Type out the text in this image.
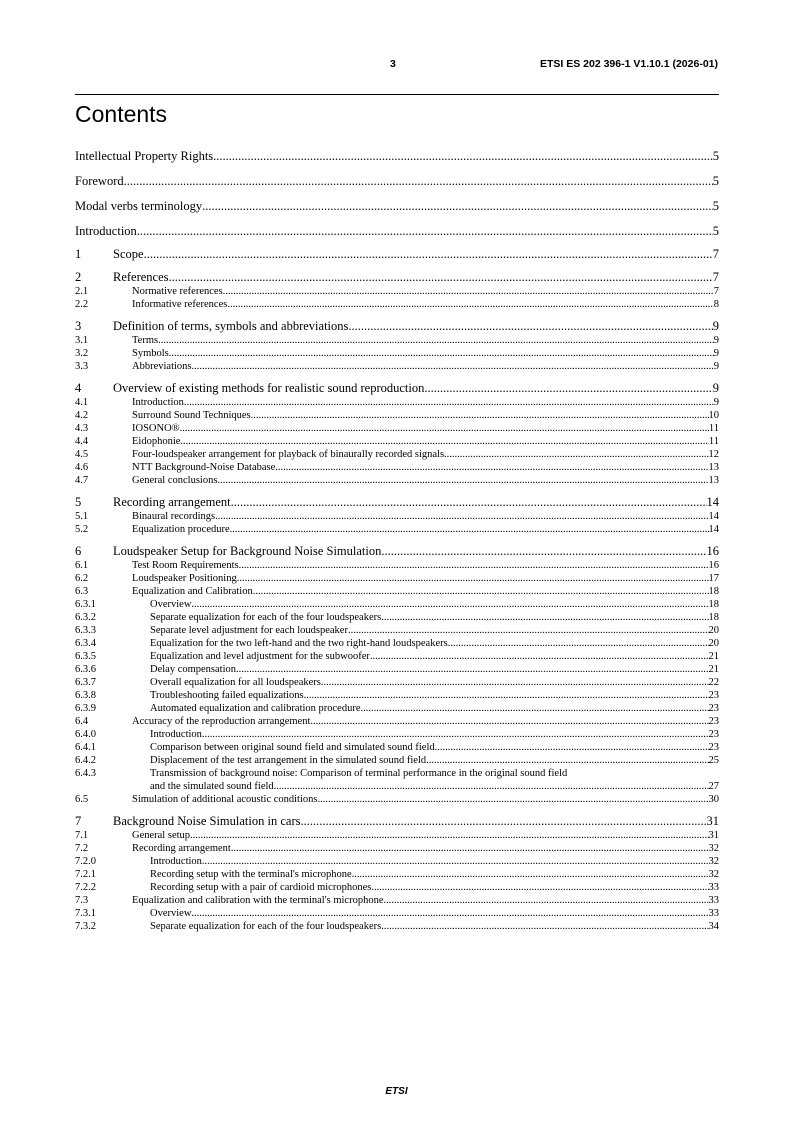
3	ETSI ES 202 396-1 V1.10.1 (2026-01)
Contents
Intellectual Property Rights .....	5
Foreword .....	5
Modal verbs terminology .....	5
Introduction .....	5
1	Scope .....	7
2	References .....	7
2.1	Normative references .....	7
2.2	Informative references .....	8
3	Definition of terms, symbols and abbreviations .....	9
3.1	Terms .....	9
3.2	Symbols .....	9
3.3	Abbreviations .....	9
4	Overview of existing methods for realistic sound reproduction .....	9
4.1	Introduction .....	9
4.2	Surround Sound Techniques .....	10
4.3	IOSONO® .....	11
4.4	Eidophonie .....	11
4.5	Four-loudspeaker arrangement for playback of binaurally recorded signals .....	12
4.6	NTT Background-Noise Database .....	13
4.7	General conclusions .....	13
5	Recording arrangement .....	14
5.1	Binaural recordings .....	14
5.2	Equalization procedure .....	14
6	Loudspeaker Setup for Background Noise Simulation .....	16
6.1	Test Room Requirements .....	16
6.2	Loudspeaker Positioning .....	17
6.3	Equalization and Calibration .....	18
6.3.1	Overview .....	18
6.3.2	Separate equalization for each of the four loudspeakers .....	18
6.3.3	Separate level adjustment for each loudspeaker .....	20
6.3.4	Equalization for the two left-hand and the two right-hand loudspeakers .....	20
6.3.5	Equalization and level adjustment for the subwoofer .....	21
6.3.6	Delay compensation .....	21
6.3.7	Overall equalization for all loudspeakers .....	22
6.3.8	Troubleshooting failed equalizations .....	23
6.3.9	Automated equalization and calibration procedure .....	23
6.4	Accuracy of the reproduction arrangement .....	23
6.4.0	Introduction .....	23
6.4.1	Comparison between original sound field and simulated sound field .....	23
6.4.2	Displacement of the test arrangement in the simulated sound field .....	25
6.4.3	Transmission of background noise: Comparison of terminal performance in the original sound field
and the simulated sound field .....	27
6.5	Simulation of additional acoustic conditions .....	30
7	Background Noise Simulation in cars .....	31
7.1	General setup .....	31
7.2	Recording arrangement .....	32
7.2.0	Introduction .....	32
7.2.1	Recording setup with the terminal's microphone .....	32
7.2.2	Recording setup with a pair of cardioid microphones .....	33
7.3	Equalization and calibration with the terminal's microphone .....	33
7.3.1	Overview .....	33
7.3.2	Separate equalization for each of the four loudspeakers .....	34
ETSI
